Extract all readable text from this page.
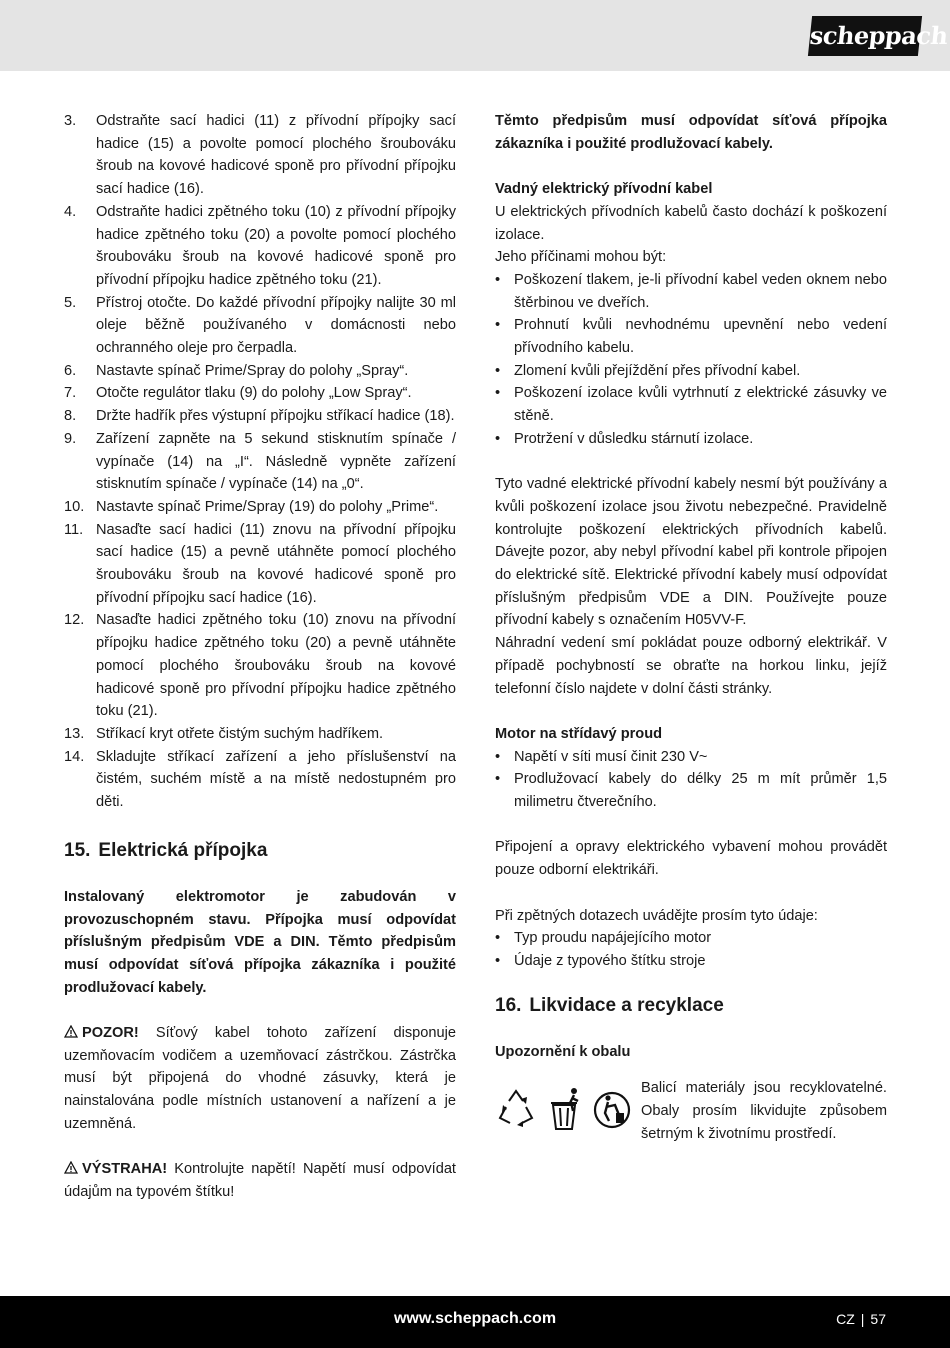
scheppach
3. Odstraňte sací hadici (11) z přívodní přípojky sací hadice (15) a povolte pomocí plochého šroubováku šroub na kovové hadicové sponě pro přívodní přípojku sací hadice (16).
4. Odstraňte hadici zpětného toku (10) z přívodní přípojky hadice zpětného toku (20) a povolte pomocí plochého šroubováku šroub na kovové hadicové sponě pro přívodní přípojku hadice zpětného toku (21).
5. Přístroj otočte. Do každé přívodní přípojky nalijte 30 ml oleje běžně používaného v domácnosti nebo ochranného oleje pro čerpadla.
6. Nastavte spínač Prime/Spray do polohy „Spray“.
7. Otočte regulátor tlaku (9) do polohy „Low Spray“.
8. Držte hadřík přes výstupní přípojku stříkací hadice (18).
9. Zařízení zapněte na 5 sekund stisknutím spínače / vypínače (14) na „I“. Následně vypněte zařízení stisknutím spínače / vypínače (14) na „0“.
10. Nastavte spínač Prime/Spray (19) do polohy „Prime“.
11. Nasaďte sací hadici (11) znovu na přívodní přípojku sací hadice (15) a pevně utáhněte pomocí plochého šroubováku šroub na kovové hadicové sponě pro přívodní přípojku sací hadice (16).
12. Nasaďte hadici zpětného toku (10) znovu na přívodní přípojku hadice zpětného toku (20) a pevně utáhněte pomocí plochého šroubováku šroub na kovové hadicové sponě pro přívodní přípojku hadice zpětného toku (21).
13. Stříkací kryt otřete čistým suchým hadříkem.
14. Skladujte stříkací zařízení a jeho příslušenství na čistém, suchém místě a na místě nedostupném pro děti.
15. Elektrická přípojka

Instalovaný elektromotor je zabudován v provozuschopném stavu. Přípojka musí odpovídat příslušným předpisům VDE a DIN. Těmto předpisům musí odpovídat síťová přípojka zákazníka i použité prodlužovací kabely.

POZOR! Síťový kabel tohoto zařízení disponuje uzemňovacím vodičem a uzemňovací zástrčkou. Zástrčka musí být připojená do vhodné zásuvky, která je nainstalována podle místních ustanovení a nařízení a je uzemněná.

VÝSTRAHA! Kontrolujte napětí! Napětí musí odpovídat údajům na typovém štítku!

Těmto předpisům musí odpovídat síťová přípojka zákazníka i použité prodlužovací kabely.

Vadný elektrický přívodní kabel

U elektrických přívodních kabelů často dochází k poškození izolace.

Jeho příčinami mohou být:

• Poškození tlakem, je-li přívodní kabel veden oknem nebo štěrbinou ve dveřích.
• Prohnutí kvůli nevhodnému upevnění nebo vedení přívodního kabelu.
• Zlomení kvůli přejíždění přes přívodní kabel.
• Poškození izolace kvůli vytrhnutí z elektrické zásuvky ve stěně.
• Protržení v důsledku stárnutí izolace.

Tyto vadné elektrické přívodní kabely nesmí být používány a kvůli poškození izolace jsou životu nebezpečné. Pravidelně kontrolujte poškození elektrických přívodních kabelů. Dávejte pozor, aby nebyl přívodní kabel při kontrole připojen do elektrické sítě. Elektrické přívodní kabely musí odpovídat příslušným předpisům VDE a DIN. Používejte pouze přívodní kabely s označením H05VV-F.

Náhradní vedení smí pokládat pouze odborný elektrikář. V případě pochybností se obraťte na horkou linku, jejíž telefonní číslo najdete v dolní části stránky.

Motor na střídavý proud

• Napětí v síti musí činit 230 V~
• Prodlužovací kabely do délky 25 m mít průměr 1,5 milimetru čtverečního.

Připojení a opravy elektrického vybavení mohou provádět pouze odborní elektrikáři.

Při zpětných dotazech uvádějte prosím tyto údaje:

• Typ proudu napájejícího motor
• Údaje z typového štítku stroje
16. Likvidace a recyklace

Upozornění k obalu

Balicí materiály jsou recyklovatelné. Obaly prosím likvidujte způsobem šetrným k životnímu prostředí.

www.scheppach.com	CZ | 57
